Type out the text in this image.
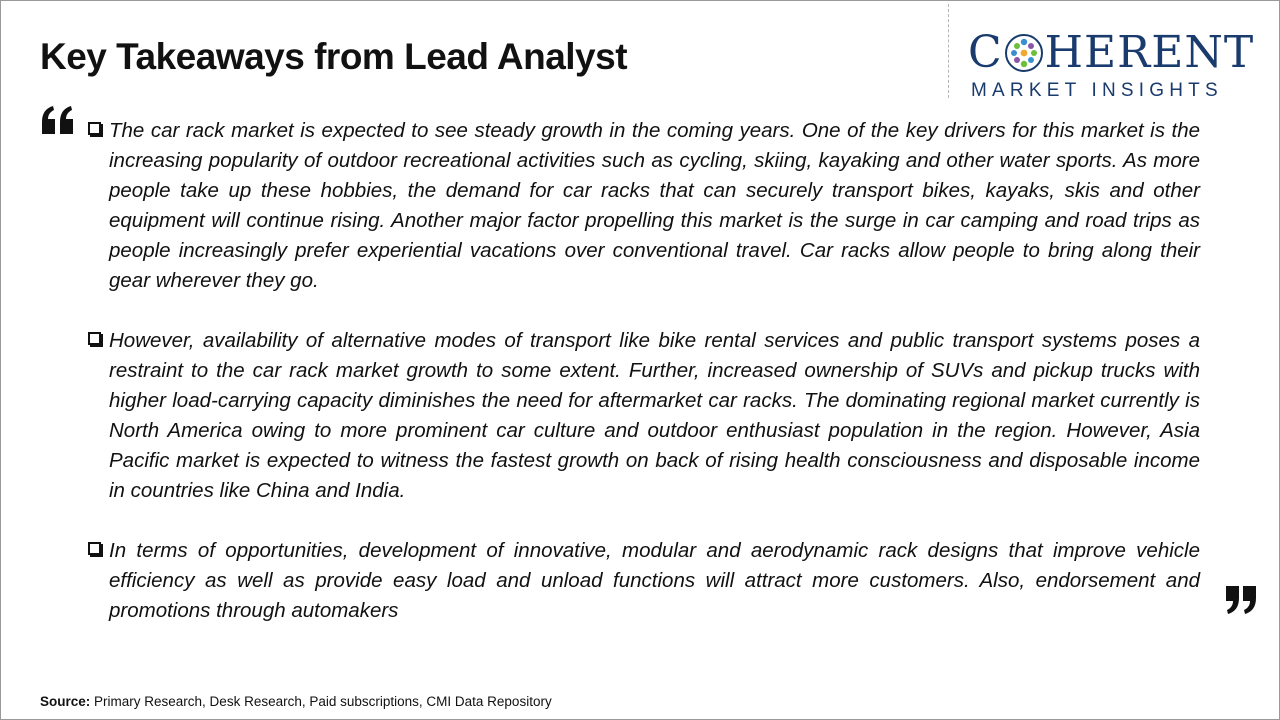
Key Takeaways from Lead Analyst	C HERENT
MARKET INSIGHTS
The car rack market is expected to see steady growth in the coming years. One of the key drivers for this market is the increasing popularity of outdoor recreational activities such as cycling, skiing, kayaking and other water sports. As more people take up these hobbies, the demand for car racks that can securely transport bikes, kayaks, skis and other equipment will continue rising. Another major factor propelling this market is the surge in car camping and road trips as people increasingly prefer experiential vacations over conventional travel. Car racks allow people to bring along their gear wherever they go.
However, availability of alternative modes of transport like bike rental services and public transport systems poses a restraint to the car rack market growth to some extent. Further, increased ownership of SUVs and pickup trucks with higher load-carrying capacity diminishes the need for aftermarket car racks. The dominating regional market currently is North America owing to more prominent car culture and outdoor enthusiast population in the region. However, Asia Pacific market is expected to witness the fastest growth on back of rising health consciousness and disposable income in countries like China and India.
In terms of opportunities, development of innovative, modular and aerodynamic rack designs that improve vehicle efficiency as well as provide easy load and unload functions will attract more customers. Also, endorsement and promotions through automakers
Source: Primary Research, Desk Research, Paid subscriptions, CMI Data Repository
